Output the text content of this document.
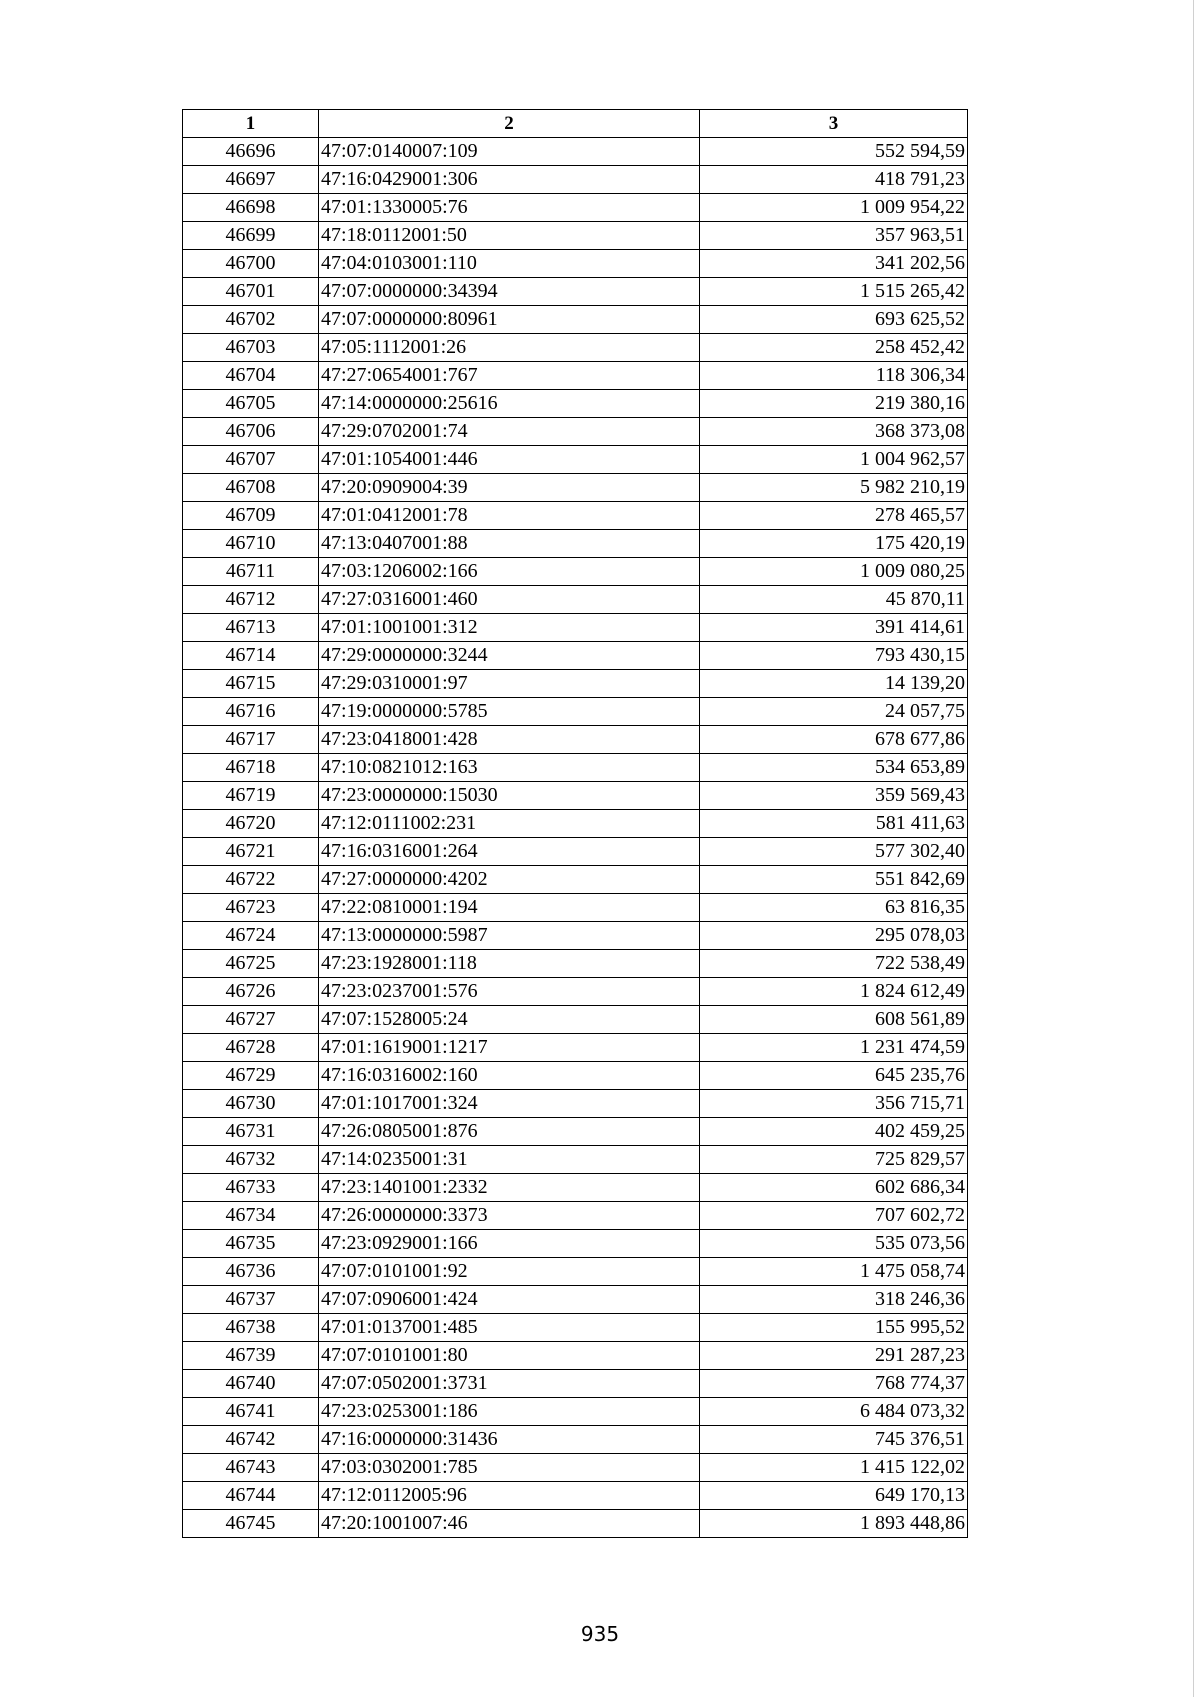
1	2	3
46696	47:07:0140007:109	552 594,59
46697	47:16:0429001:306	418 791,23
46698	47:01:1330005:76	1 009 954,22
46699	47:18:0112001:50	357 963,51
46700	47:04:0103001:110	341 202,56
46701	47:07:0000000:34394	1 515 265,42
46702	47:07:0000000:80961	693 625,52
46703	47:05:1112001:26	258 452,42
46704	47:27:0654001:767	118 306,34
46705	47:14:0000000:25616	219 380,16
46706	47:29:0702001:74	368 373,08
46707	47:01:1054001:446	1 004 962,57
46708	47:20:0909004:39	5 982 210,19
46709	47:01:0412001:78	278 465,57
46710	47:13:0407001:88	175 420,19
46711	47:03:1206002:166	1 009 080,25
46712	47:27:0316001:460	45 870,11
46713	47:01:1001001:312	391 414,61
46714	47:29:0000000:3244	793 430,15
46715	47:29:0310001:97	14 139,20
46716	47:19:0000000:5785	24 057,75
46717	47:23:0418001:428	678 677,86
46718	47:10:0821012:163	534 653,89
46719	47:23:0000000:15030	359 569,43
46720	47:12:0111002:231	581 411,63
46721	47:16:0316001:264	577 302,40
46722	47:27:0000000:4202	551 842,69
46723	47:22:0810001:194	63 816,35
46724	47:13:0000000:5987	295 078,03
46725	47:23:1928001:118	722 538,49
46726	47:23:0237001:576	1 824 612,49
46727	47:07:1528005:24	608 561,89
46728	47:01:1619001:1217	1 231 474,59
46729	47:16:0316002:160	645 235,76
46730	47:01:1017001:324	356 715,71
46731	47:26:0805001:876	402 459,25
46732	47:14:0235001:31	725 829,57
46733	47:23:1401001:2332	602 686,34
46734	47:26:0000000:3373	707 602,72
46735	47:23:0929001:166	535 073,56
46736	47:07:0101001:92	1 475 058,74
46737	47:07:0906001:424	318 246,36
46738	47:01:0137001:485	155 995,52
46739	47:07:0101001:80	291 287,23
46740	47:07:0502001:3731	768 774,37
46741	47:23:0253001:186	6 484 073,32
46742	47:16:0000000:31436	745 376,51
46743	47:03:0302001:785	1 415 122,02
46744	47:12:0112005:96	649 170,13
46745	47:20:1001007:46	1 893 448,86
935
